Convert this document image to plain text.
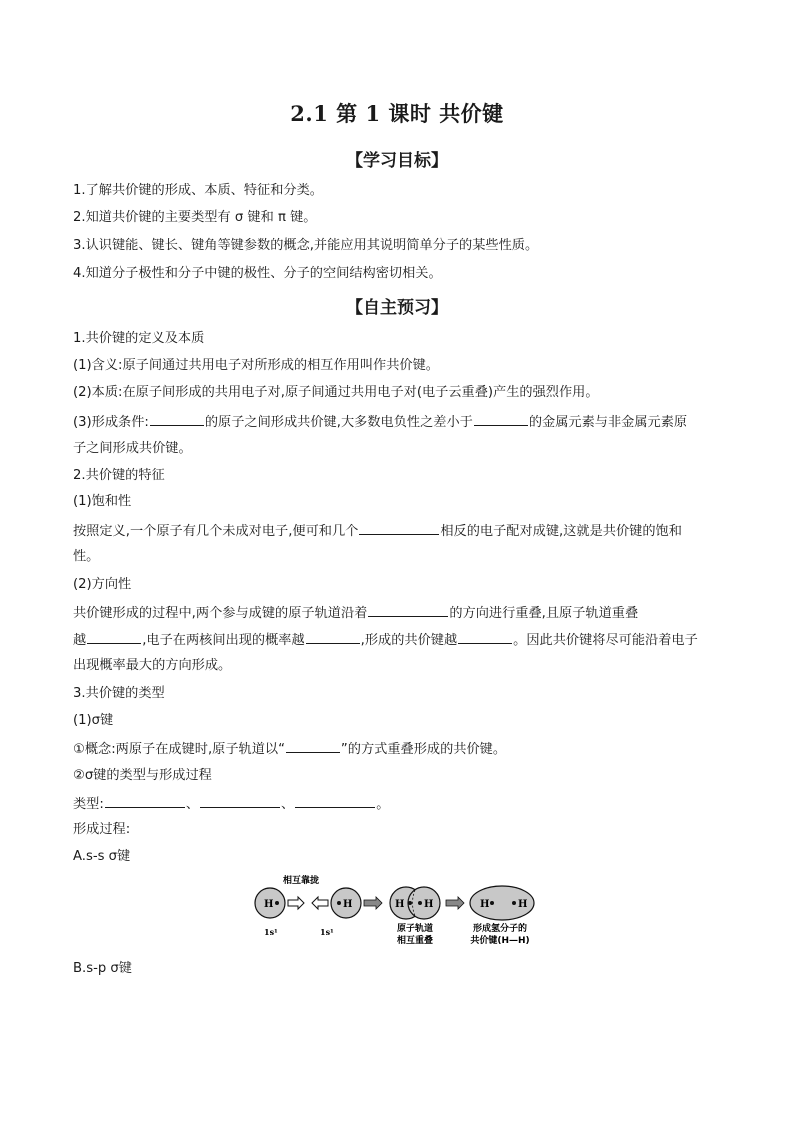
2.1 第 1 课时 共价键
【学习目标】
1.了解共价键的形成、本质、特征和分类。
2.知道共价键的主要类型有 σ 键和 π 键。
3.认识键能、键长、键角等键参数的概念,并能应用其说明简单分子的某些性质。
4.知道分子极性和分子中键的极性、分子的空间结构密切相关。
【自主预习】
1.共价键的定义及本质
(1)含义:原子间通过共用电子对所形成的相互作用叫作共价键。
(2)本质:在原子间形成的共用电子对,原子间通过共用电子对(电子云重叠)产生的强烈作用。
(3)形成条件:	的原子之间形成共价键,大多数电负性之差小于	的金属元素与非金属元素原
子之间形成共价键。
2.共价键的特征
(1)饱和性
按照定义,一个原子有几个未成对电子,便可和几个	相反的电子配对成键,这就是共价键的饱和
性。
(2)方向性
共价键形成的过程中,两个参与成键的原子轨道沿着	的方向进行重叠,且原子轨道重叠
越	,电子在两核间出现的概率越	,形成的共价键越	。因此共价键将尽可能沿着电子
出现概率最大的方向形成。
3.共价键的类型
(1)σ键
①概念:两原子在成键时,原子轨道以“	”的方式重叠形成的共价键。
②σ键的类型与形成过程
类型:	、	、	。
形成过程:
A.s-s σ键
相互靠拢
H	H
1s¹	1s¹
H H
原子轨道
相互重叠
H	H
形成氢分子的
共价键(H—H)
B.s-p σ键
